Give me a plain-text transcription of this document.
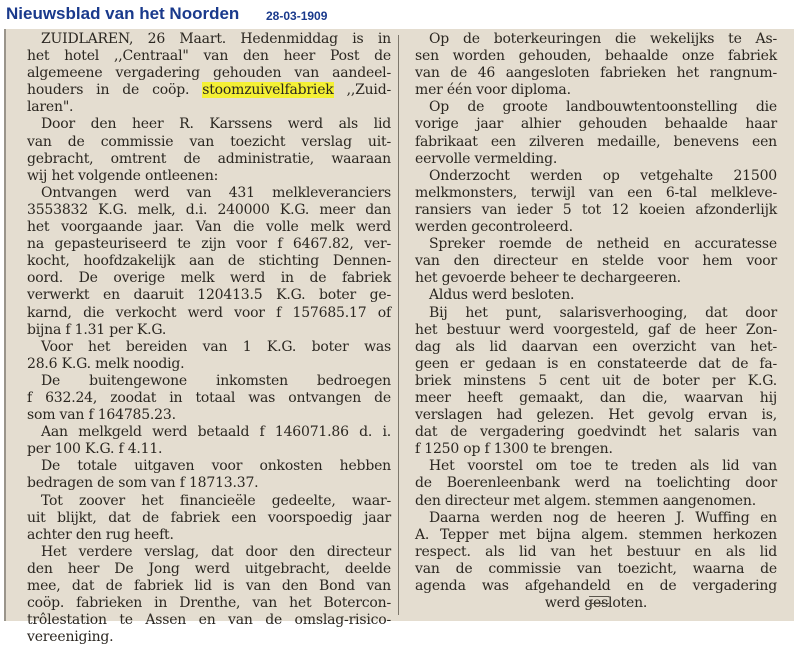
Nieuwsblad van het Noorden 28-03-1909
ZUIDLAREN, 26 Maart. Hedenmiddag is in
het hotel ,,Centraal" van den heer Post de
algemeene vergadering gehouden van aandeel-
houders in de coöp. stoomzuivelfabriek ,,Zuid-
laren".
Door den heer R. Karssens werd als lid
van de commissie van toezicht verslag uit-
gebracht, omtrent de administratie, waaraan
wij het volgende ontleenen:
Ontvangen werd van 431 melkleveranciers
3553832 K.G. melk, d.i. 240000 K.G. meer dan
het voorgaande jaar. Van die volle melk werd
na gepasteuriseerd te zijn voor f 6467.82, ver-
kocht, hoofdzakelijk aan de stichting Dennen-
oord. De overige melk werd in de fabriek
verwerkt en daaruit 120413.5 K.G. boter ge-
karnd, die verkocht werd voor f 157685.17 of
bijna f 1.31 per K.G.
Voor het bereiden van 1 K.G. boter was
28.6 K.G. melk noodig.
De buitengewone inkomsten bedroegen
f 632.24, zoodat in totaal was ontvangen de
som van f 164785.23.
Aan melkgeld werd betaald f 146071.86 d. i.
per 100 K.G. f 4.11.
De totale uitgaven voor onkosten hebben
bedragen de som van f 18713.37.
Tot zoover het financieële gedeelte, waar-
uit blijkt, dat de fabriek een voorspoedig jaar
achter den rug heeft.
Het verdere verslag, dat door den directeur
den heer De Jong werd uitgebracht, deelde
mee, dat de fabriek lid is van den Bond van
coöp. fabrieken in Drenthe, van het Botercon-
trôlestation te Assen en van de omslag-risico-
vereeniging.
Op de boterkeuringen die wekelijks te As-
sen worden gehouden, behaalde onze fabriek
van de 46 aangesloten fabrieken het rangnum-
mer één voor diploma.
Op de groote landbouwtentoonstelling die
vorige jaar alhier gehouden behaalde haar
fabrikaat een zilveren medaille, benevens een
eervolle vermelding.
Onderzocht werden op vetgehalte 21500
melkmonsters, terwijl van een 6-tal melkleve-
ransiers van ieder 5 tot 12 koeien afzonderlijk
werden gecontroleerd.
Spreker roemde de netheid en accuratesse
van den directeur en stelde voor hem voor
het gevoerde beheer te dechargeeren.
Aldus werd besloten.
Bij het punt, salarisverhooging, dat door
het bestuur werd voorgesteld, gaf de heer Zon-
dag als lid daarvan een overzicht van het-
geen er gedaan is en constateerde dat de fa-
briek minstens 5 cent uit de boter per K.G.
meer heeft gemaakt, dan die, waarvan hij
verslagen had gelezen. Het gevolg ervan is,
dat de vergadering goedvindt het salaris van
f 1250 op f 1300 te brengen.
Het voorstel om toe te treden als lid van
de Boerenleenbank werd na toelichting door
den directeur met algem. stemmen aangenomen.
Daarna werden nog de heeren J. Wuffing en
A. Tepper met bijna algem. stemmen herkozen
respect. als lid van het bestuur en als lid
van de commissie van toezicht, waarna de
agenda was afgehandeld en de vergadering
werd gesloten.
